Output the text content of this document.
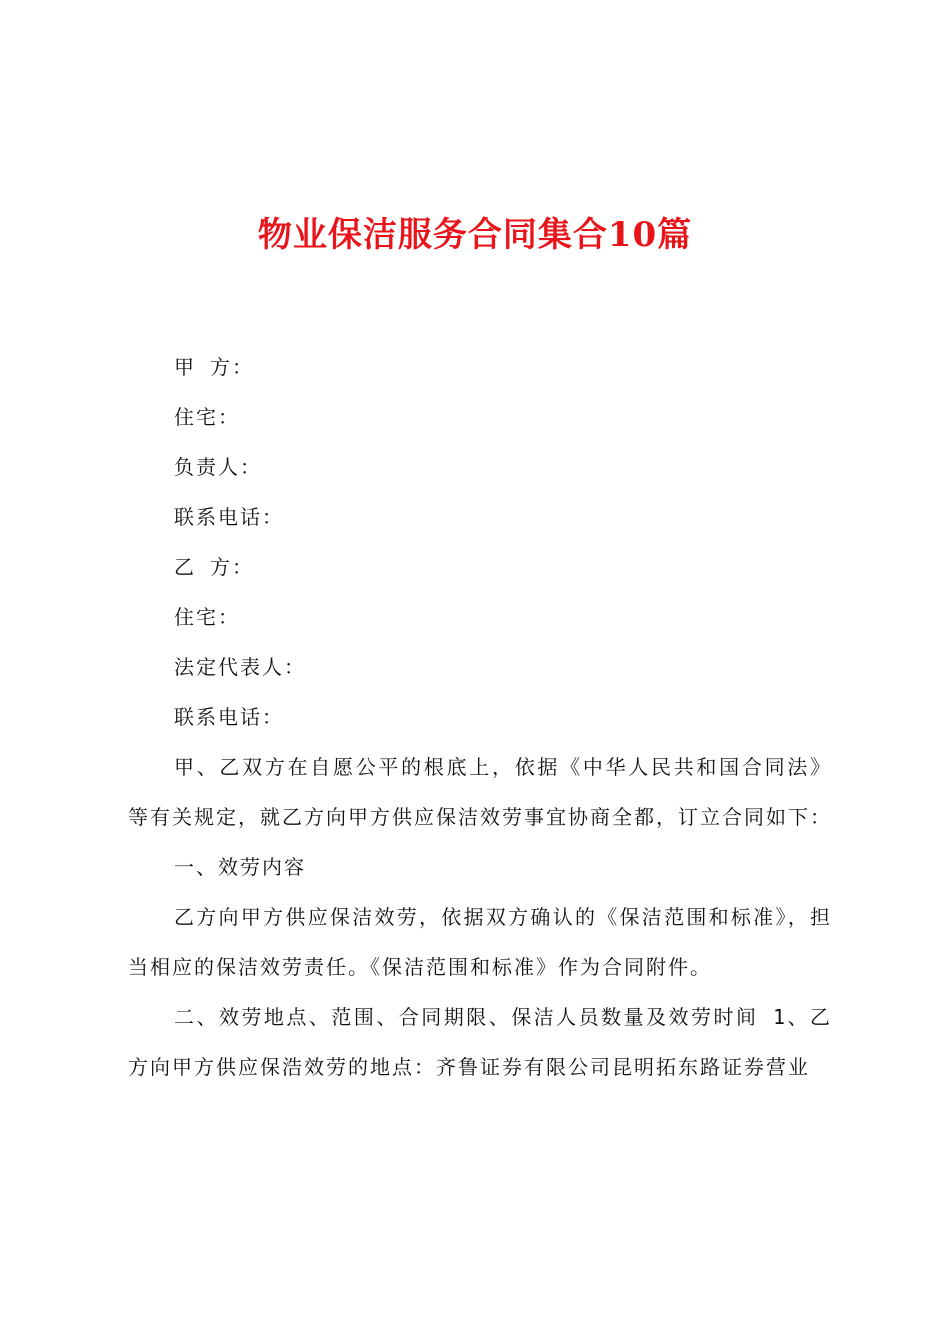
物业保洁服务合同集合10篇
甲 方：
住宅：
负责人：
联系电话：
乙 方：
住宅：
法定代表人：
联系电话：

甲、乙双方在自愿公平的根底上，依据《中华人民共和国合同法》等有关规定，就乙方向甲方供应保洁效劳事宜协商全都，订立合同如下：

一、效劳内容

乙方向甲方供应保洁效劳，依据双方确认的《保洁范围和标准》，担当相应的保洁效劳责任。《保洁范围和标准》作为合同附件。

二、效劳地点、范围、合同期限、保洁人员数量及效劳时间 1、乙方向甲方供应保浩效劳的地点：齐鲁证券有限公司昆明拓东路证券营业
